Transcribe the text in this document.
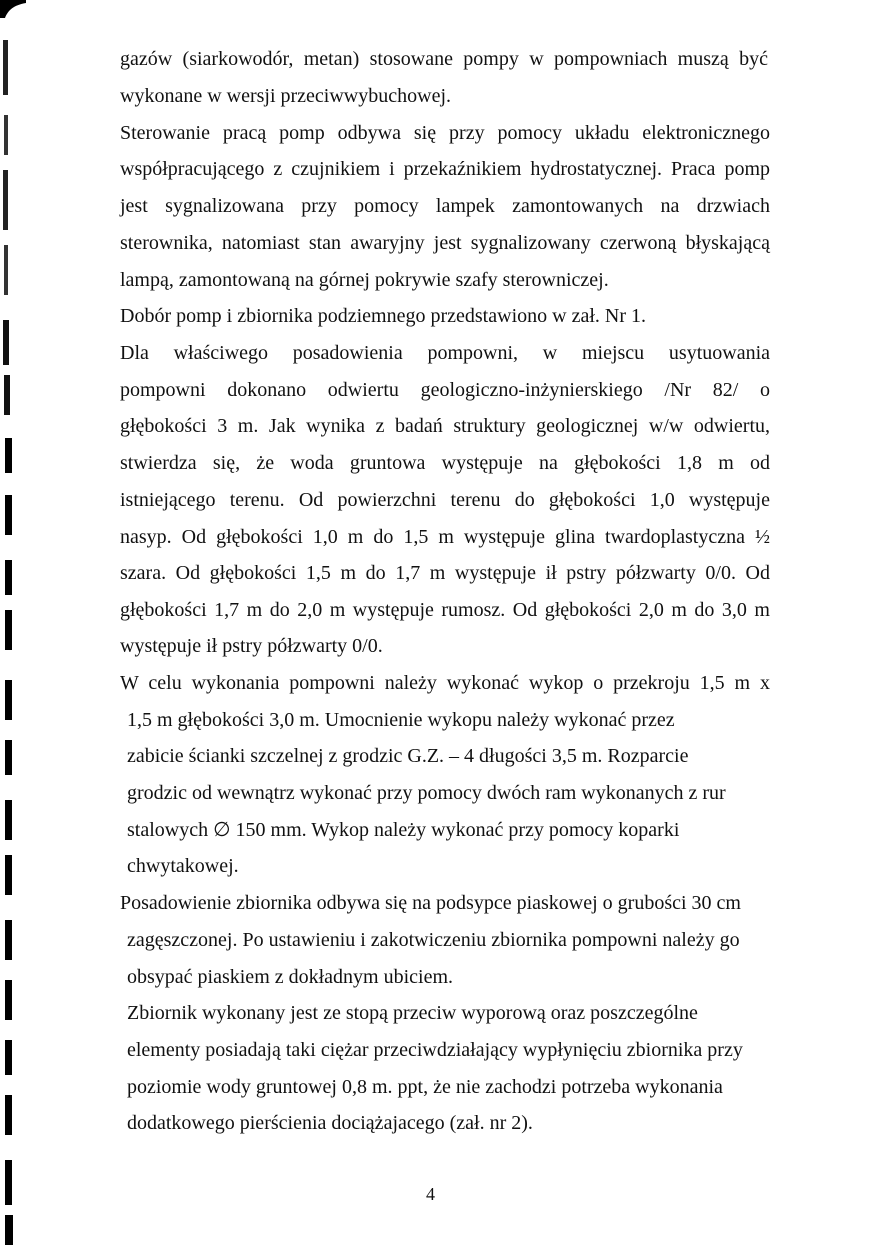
gazów (siarkowodór, metan) stosowane pompy w pompowniach muszą być
wykonane w wersji przeciwwybuchowej.
Sterowanie pracą pomp odbywa się przy pomocy układu elektronicznego
współpracującego z czujnikiem i przekaźnikiem hydrostatycznej. Praca pomp
jest sygnalizowana przy pomocy lampek zamontowanych na drzwiach
sterownika, natomiast stan awaryjny jest sygnalizowany czerwoną błyskającą
lampą, zamontowaną na górnej pokrywie szafy sterowniczej.
Dobór pomp i zbiornika podziemnego przedstawiono w zał. Nr 1.
Dla właściwego posadowienia pompowni, w miejscu usytuowania
pompowni dokonano odwiertu geologiczno-inżynierskiego /Nr 82/ o
głębokości 3 m. Jak wynika z badań struktury geologicznej w/w odwiertu,
stwierdza się, że woda gruntowa występuje na głębokości 1,8 m od
istniejącego terenu. Od powierzchni terenu do głębokości 1,0 występuje
nasyp. Od głębokości 1,0 m do 1,5 m występuje glina twardoplastyczna ½
szara. Od głębokości 1,5 m do 1,7 m występuje ił pstry półzwarty 0/0. Od
głębokości 1,7 m do 2,0 m występuje rumosz. Od głębokości 2,0 m do 3,0 m
występuje ił pstry półzwarty 0/0.
W celu wykonania pompowni należy wykonać wykop o przekroju 1,5 m x
1,5 m głębokości 3,0 m. Umocnienie wykopu należy wykonać przez
zabicie ścianki szczelnej z grodzic G.Z. – 4 długości 3,5 m. Rozparcie
grodzic od wewnątrz wykonać przy pomocy dwóch ram wykonanych z rur
stalowych ∅ 150 mm. Wykop należy wykonać przy pomocy koparki
chwytakowej.
Posadowienie zbiornika odbywa się na podsypce piaskowej o grubości 30 cm
zagęszczonej. Po ustawieniu i zakotwiczeniu zbiornika pompowni należy go
obsypać piaskiem z dokładnym ubiciem.
Zbiornik wykonany jest ze stopą przeciw wyporową oraz poszczególne
elementy posiadają taki ciężar przeciwdziałający wypłynięciu zbiornika przy
poziomie wody gruntowej 0,8 m. ppt, że nie zachodzi potrzeba wykonania
dodatkowego pierścienia dociążajacego (zał. nr 2).
4
